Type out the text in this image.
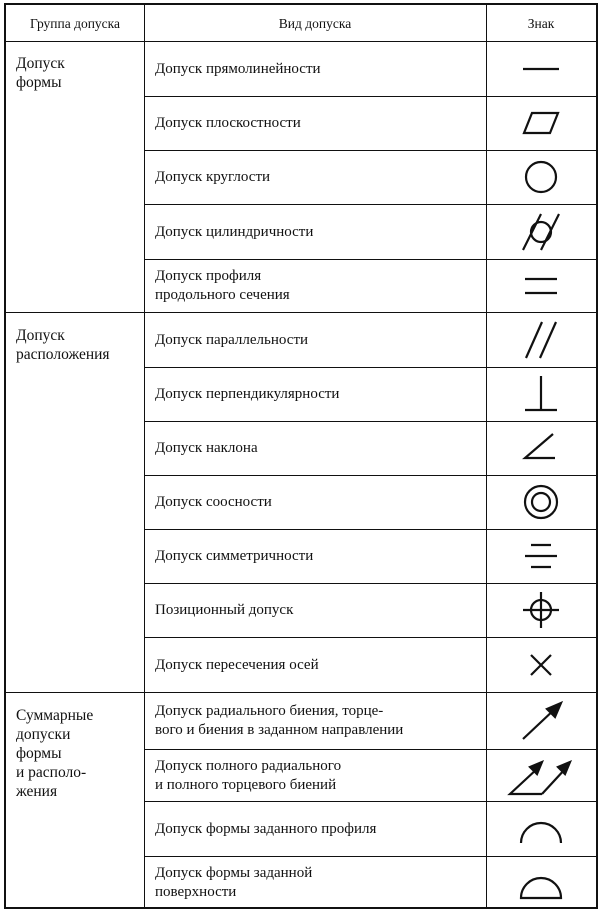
Группа допуска	Вид допуска	Знак
Допуск
формы
Допуск
расположения
Суммарные
допуски
формы
и располо-
жения
Допуск прямолинейности
Допуск плоскостности
Допуск круглости
Допуск цилиндричности
Допуск профиля
продольного сечения
Допуск параллельности
Допуск перпендикулярности
Допуск наклона
Допуск соосности
Допуск симметричности
Позиционный допуск
Допуск пересечения осей
Допуск радиального биения, торце-
вого и биения в заданном направлении
Допуск полного радиального
и полного торцевого биений
Допуск формы заданного профиля
Допуск формы заданной
поверхности
